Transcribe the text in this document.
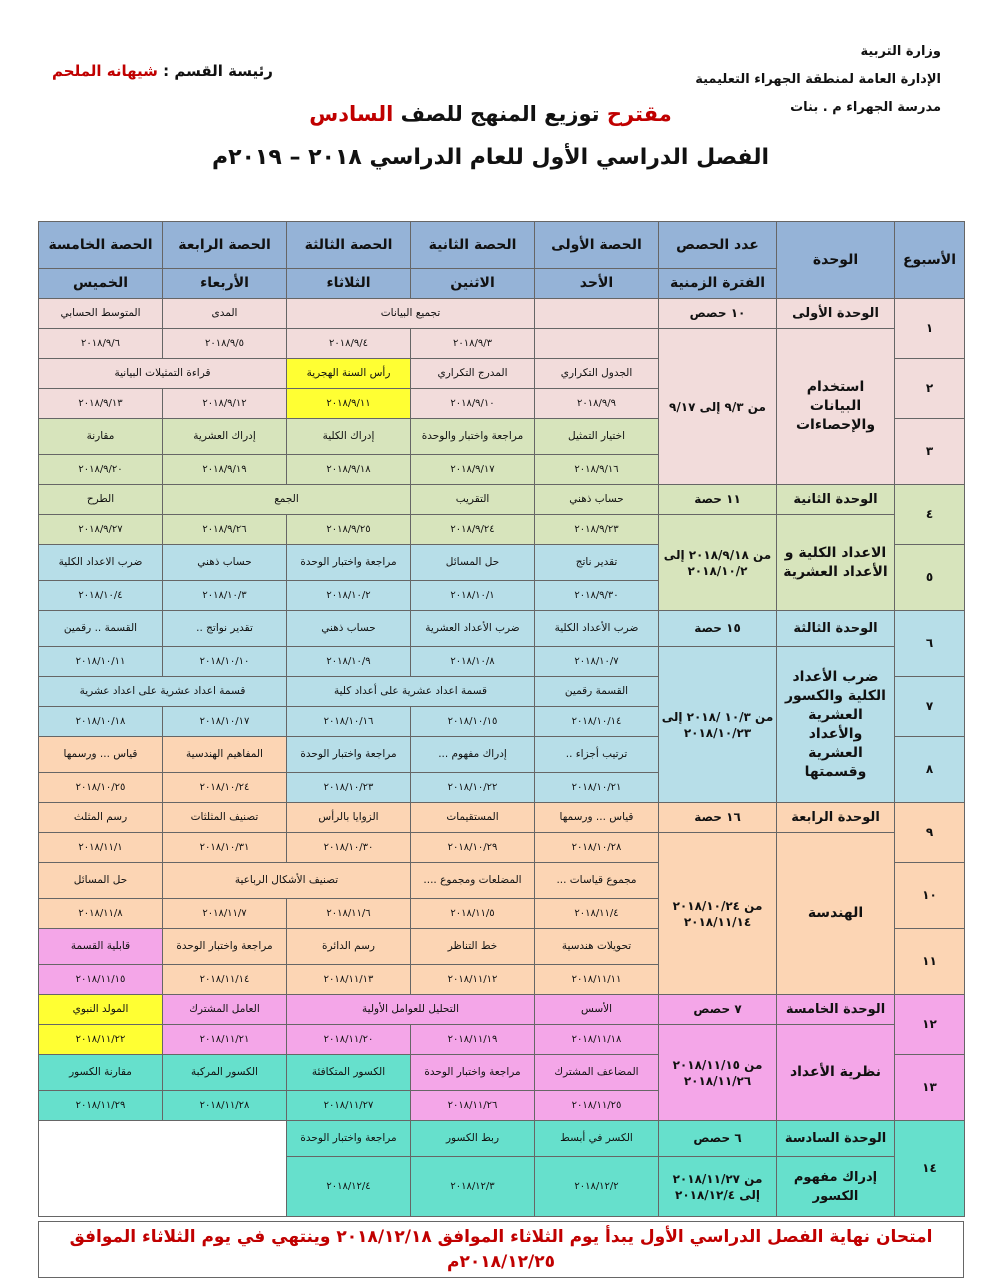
وزارة التربية
الإدارة العامة لمنطقة الجهراء التعليمية
مدرسة الجهراء م . بنات
رئيسة القسم : شيهانه الملحم
مقترح توزيع المنهج للصف السادس
الفصل الدراسي الأول للعام الدراسي ٢٠١٨ – ٢٠١٩م
الأسبوع	الوحدة	عدد الحصص	الحصة الأولى	الحصة الثانية	الحصة الثالثة	الحصة الرابعة	الحصة الخامسة
		الفترة الزمنية	الأحد	الاثنين	الثلاثاء	الأربعاء	الخميس
١	الوحدة الأولى	١٠ حصص		تجميع البيانات		المدى	المتوسط الحسابي
	استخدام البيانات والإحصاءات	من ٩/٣ إلى ٩/١٧		٢٠١٨/٩/٣	٢٠١٨/٩/٤	٢٠١٨/٩/٥	٢٠١٨/٩/٦
٢			الجدول التكراري	المدرج التكراري	رأس السنة الهجرية	قراءة التمثيلات البيانية	
			٢٠١٨/٩/٩	٢٠١٨/٩/١٠	٢٠١٨/٩/١١	٢٠١٨/٩/١٢	٢٠١٨/٩/١٣
٣			اختيار التمثيل	مراجعة واختبار والوحدة	إدراك الكلية	إدراك العشرية	مقارنة
			٢٠١٨/٩/١٦	٢٠١٨/٩/١٧	٢٠١٨/٩/١٨	٢٠١٨/٩/١٩	٢٠١٨/٩/٢٠
٤	الوحدة الثانية	١١ حصة	حساب ذهني	التقريب	الجمع		الطرح
	الاعداد الكلية و الأعداد العشرية	من ٢٠١٨/٩/١٨ إلى ٢٠١٨/١٠/٢	٢٠١٨/٩/٢٣	٢٠١٨/٩/٢٤	٢٠١٨/٩/٢٥	٢٠١٨/٩/٢٦	٢٠١٨/٩/٢٧
٥			تقدير ناتج	حل المسائل	مراجعة واختبار الوحدة	حساب ذهني	ضرب الاعداد الكلية
			٢٠١٨/٩/٣٠	٢٠١٨/١٠/١	٢٠١٨/١٠/٢	٢٠١٨/١٠/٣	٢٠١٨/١٠/٤
٦	الوحدة الثالثة	١٥ حصة	ضرب الأعداد الكلية	ضرب الأعداد العشرية	حساب ذهني	تقدير نواتج ..	القسمة .. رقمين
	ضرب الأعداد الكلية والكسور العشرية والأعداد العشرية وقسمتها	من ١٠/٣ /٢٠١٨ إلى ٢٠١٨/١٠/٢٣	٢٠١٨/١٠/٧	٢٠١٨/١٠/٨	٢٠١٨/١٠/٩	٢٠١٨/١٠/١٠	٢٠١٨/١٠/١١
٧			القسمة رقمين	قسمة اعداد عشرية على أعداد كلية		قسمة اعداد عشرية على اعداد عشرية	
			٢٠١٨/١٠/١٤	٢٠١٨/١٠/١٥	٢٠١٨/١٠/١٦	٢٠١٨/١٠/١٧	٢٠١٨/١٠/١٨
٨			ترتيب أجزاء ..	إدراك مفهوم ...	مراجعة واختبار الوحدة	المفاهيم الهندسية	قياس ... ورسمها
			٢٠١٨/١٠/٢١	٢٠١٨/١٠/٢٢	٢٠١٨/١٠/٢٣	٢٠١٨/١٠/٢٤	٢٠١٨/١٠/٢٥
٩	الوحدة الرابعة	١٦ حصة	قياس ... ورسمها	المستقيمات	الزوايا بالرأس	تصنيف المثلثات	رسم المثلث
	الهندسة	من ٢٠١٨/١٠/٢٤ ٢٠١٨/١١/١٤	٢٠١٨/١٠/٢٨	٢٠١٨/١٠/٢٩	٢٠١٨/١٠/٣٠	٢٠١٨/١٠/٣١	٢٠١٨/١١/١
١٠			مجموع قياسات ...	المضلعات ومجموع ....	تصنيف الأشكال الرباعية		حل المسائل
			٢٠١٨/١١/٤	٢٠١٨/١١/٥	٢٠١٨/١١/٦	٢٠١٨/١١/٧	٢٠١٨/١١/٨
١١			تحويلات هندسية	خط التناظر	رسم الدائرة	مراجعة واختبار الوحدة	قابلية القسمة
			٢٠١٨/١١/١١	٢٠١٨/١١/١٢	٢٠١٨/١١/١٣	٢٠١٨/١١/١٤	٢٠١٨/١١/١٥
١٢	الوحدة الخامسة	٧ حصص	الأسس	التحليل للعوامل الأولية		العامل المشترك	المولد النبوي
	نظرية الأعداد	من ٢٠١٨/١١/١٥ ٢٠١٨/١١/٢٦	٢٠١٨/١١/١٨	٢٠١٨/١١/١٩	٢٠١٨/١١/٢٠	٢٠١٨/١١/٢١	٢٠١٨/١١/٢٢
١٣			المضاعف المشترك	مراجعة واختبار الوحدة	الكسور المتكافئة	الكسور المركبة	مقارنة الكسور
			٢٠١٨/١١/٢٥	٢٠١٨/١١/٢٦	٢٠١٨/١١/٢٧	٢٠١٨/١١/٢٨	٢٠١٨/١١/٢٩
١٤	الوحدة السادسة	٦ حصص	الكسر في أبسط	ربط الكسور	مراجعة واختبار الوحدة		
	إدراك مفهوم الكسور	من ٢٠١٨/١١/٢٧ إلى ٢٠١٨/١٢/٤	٢٠١٨/١٢/٢	٢٠١٨/١٢/٣	٢٠١٨/١٢/٤		
امتحان نهاية الفصل الدراسي الأول يبدأ يوم الثلاثاء الموافق ٢٠١٨/١٢/١٨ وينتهي في يوم الثلاثاء الموافق
٢٠١٨/١٢/٢٥م
